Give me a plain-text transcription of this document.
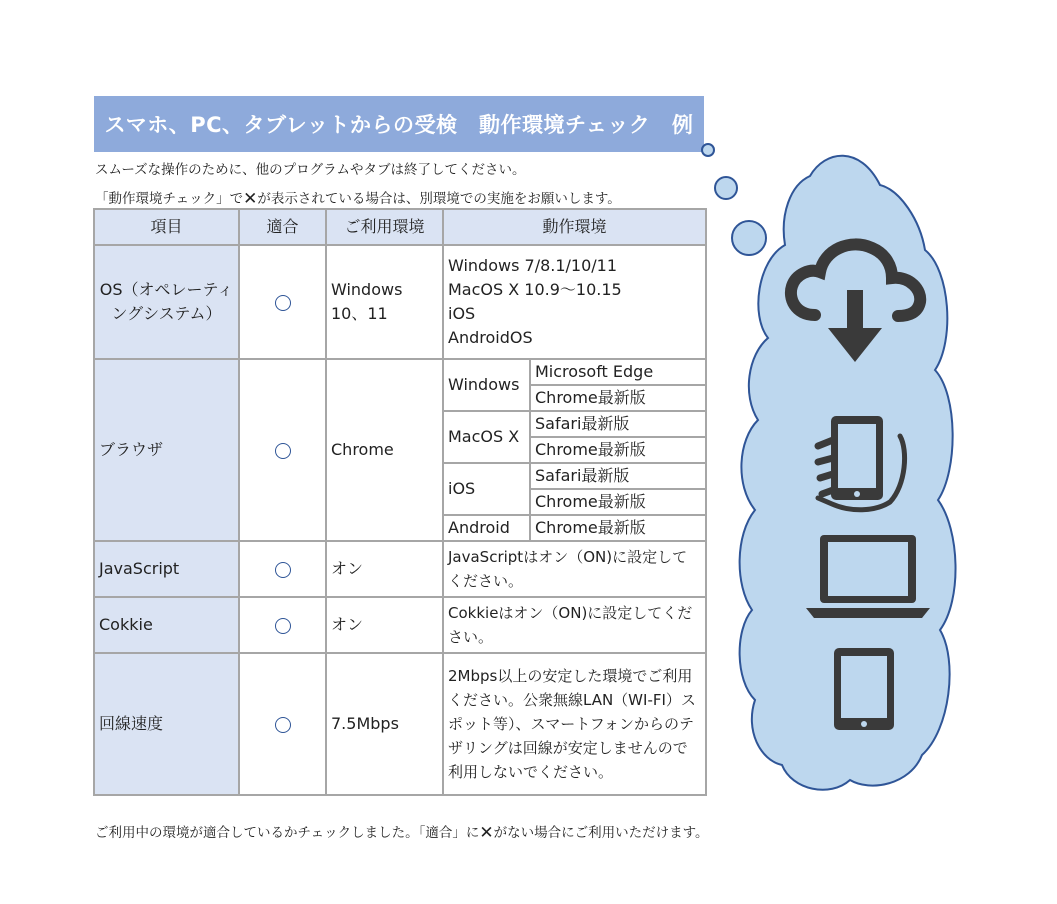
スマホ、PC、タブレットからの受検　動作環境チェック　例
スムーズな操作のために、他のプログラムやタブは終了してください。
「動作環境チェック」で✕が表示されている場合は、別環境での実施をお願いします。
項目	適合	ご利用環境	動作環境	
OS（オペレーティングシステム）		Windows 10、11	Windows 7/8.1/10/11
MacOS X 10.9～10.15
iOS
AndroidOS	

ブラウザ		Chrome	Windows	Microsoft Edge
				Chrome最新版
			MacOS X	Safari最新版
				Chrome最新版
			iOS	Safari最新版
				Chrome最新版
			Android	Chrome最新版
JavaScript		オン	JavaScriptはオン（ON)に設定してください。	
Cokkie		オン	Cokkieはオン（ON)に設定してください。	
回線速度		7.5Mbps	2Mbps以上の安定した環境でご利用ください。公衆無線LAN（WI-FI）スポット等）、スマートフォンからのテザリングは回線が安定しませんので利用しないでください。	
ご利用中の環境が適合しているかチェックしました。「適合」に✕がない場合にご利用いただけます。
